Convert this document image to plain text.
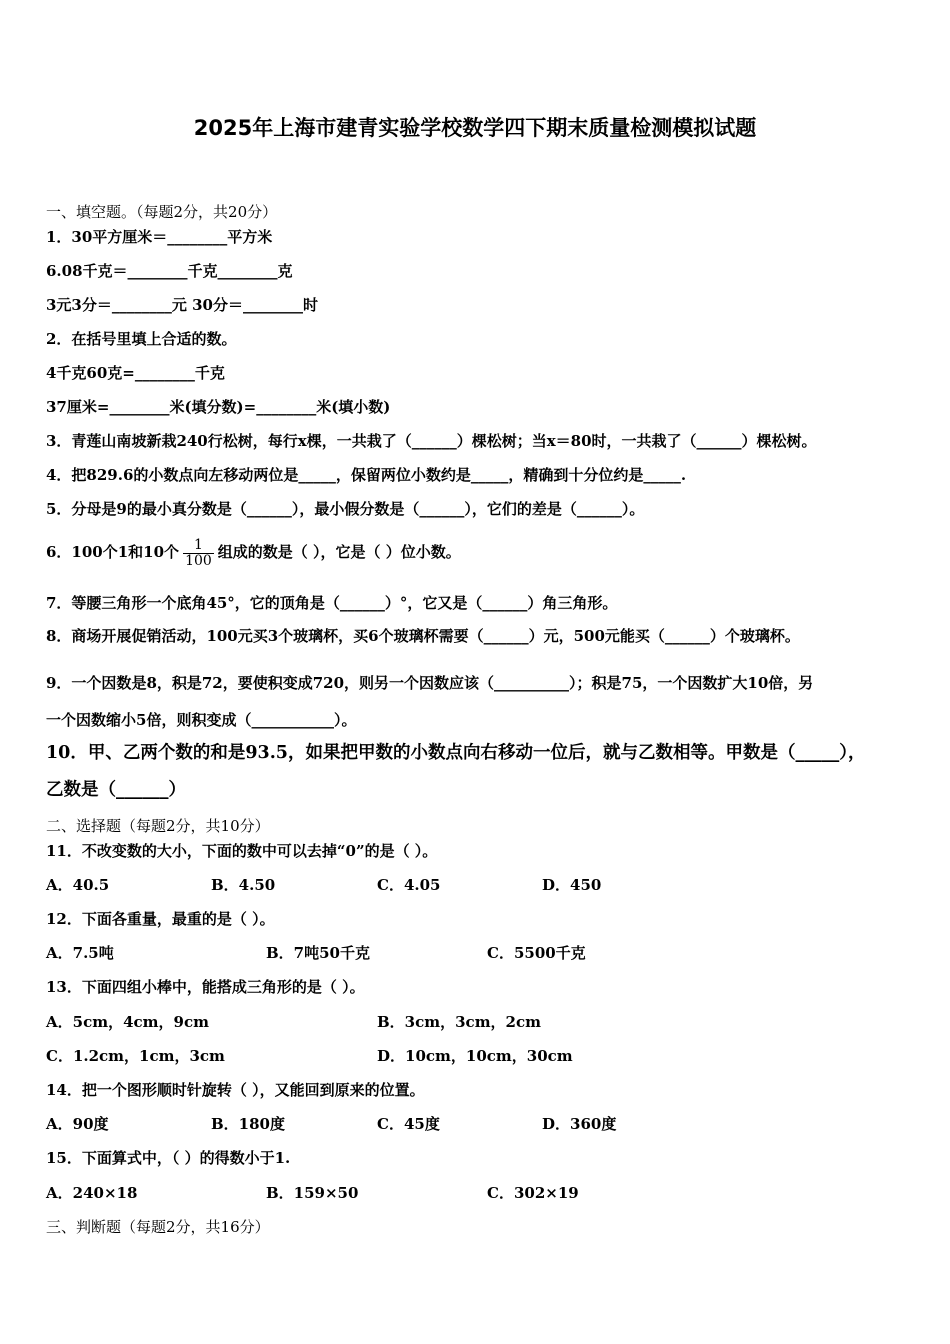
2025年上海市建青实验学校数学四下期末质量检测模拟试题
一、填空题。（每题2分，共20分）
1．30平方厘米＝________平方米
6.08千克＝________千克________克
3元3分＝________元 30分＝________时
2．在括号里填上合适的数。
4千克60克=________千克
37厘米=________米(填分数)=________米(填小数)
3．青莲山南坡新栽240行松树，每行x棵，一共栽了（______）棵松树；当x＝80时，一共栽了（______）棵松树。
4．把829.6的小数点向左移动两位是_____，保留两位小数约是_____，精确到十分位约是_____.
5．分母是9的最小真分数是（______），最小假分数是（______），它们的差是（______）。
6．100个1和10个 $\frac{1}{100}$ 组成的数是（ ），它是（ ）位小数。
7．等腰三角形一个底角45°，它的顶角是（______）°，它又是（______）角三角形。
8．商场开展促销活动，100元买3个玻璃杯，买6个玻璃杯需要（______）元，500元能买（______）个玻璃杯。
9．一个因数是8，积是72，要使积变成720，则另一个因数应该（__________）；积是75，一个因数扩大10倍，另
一个因数缩小5倍，则积变成（___________）。
10．甲、乙两个数的和是93.5，如果把甲数的小数点向右移动一位后，就与乙数相等。甲数是（_____），
乙数是（______）
二、选择题（每题2分，共10分）
11．不改变数的大小，下面的数中可以去掉“0”的是（ ）。
A．40.5	B．4.50	C．4.05	D．450
12．下面各重量，最重的是（ ）。
A．7.5吨	B．7吨50千克	C．5500千克
13．下面四组小棒中，能搭成三角形的是（ ）。
A．5cm，4cm，9cm	B．3cm，3cm，2cm
C．1.2cm，1cm，3cm	D．10cm，10cm，30cm
14．把一个图形顺时针旋转（ ），又能回到原来的位置。
A．90度	B．180度	C．45度	D．360度
15．下面算式中，（ ）的得数小于1.
A．240×18	B．159×50	C．302×19
三、判断题（每题2分，共16分）
